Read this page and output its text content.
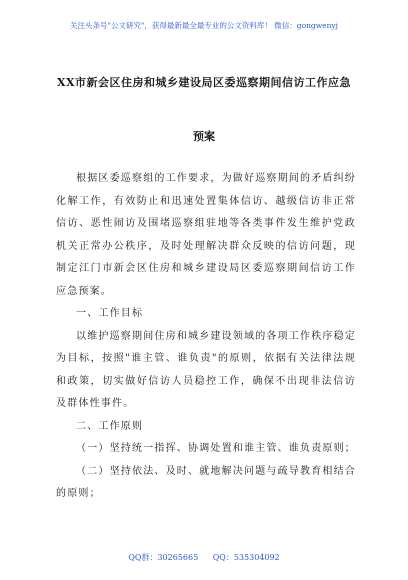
关注头条号"公文研究"，获得最新最全最专业的公文资料库！ 微信：gongwenyj
XX市新会区住房和城乡建设局区委巡察期间信访工作应急
预案

根据区委巡察组的工作要求，为做好巡察期间的矛盾纠纷化解工作，有效防止和迅速处置集体信访、越级信访非正常信访、恶性闹访及围堵巡察组驻地等各类事件发生维护党政机关正常办公秩序，及时处理解决群众反映的信访问题，现制定江门市新会区住房和城乡建设局区委巡察期间信访工作应急预案。

一、工作目标

以维护巡察期间住房和城乡建设领域的各项工作秩序稳定为目标，按照"谁主管、谁负责"的原则，依据有关法律法规和政策，切实做好信访人员稳控工作，确保不出现非法信访及群体性事件。

二、工作原则

（一）坚持统一指挥、协调处置和谁主管、谁负责原则；

（二）坚持依法、及时、就地解决问题与疏导教育相结合的原则；

QQ群：30265665 QQ：535304092
